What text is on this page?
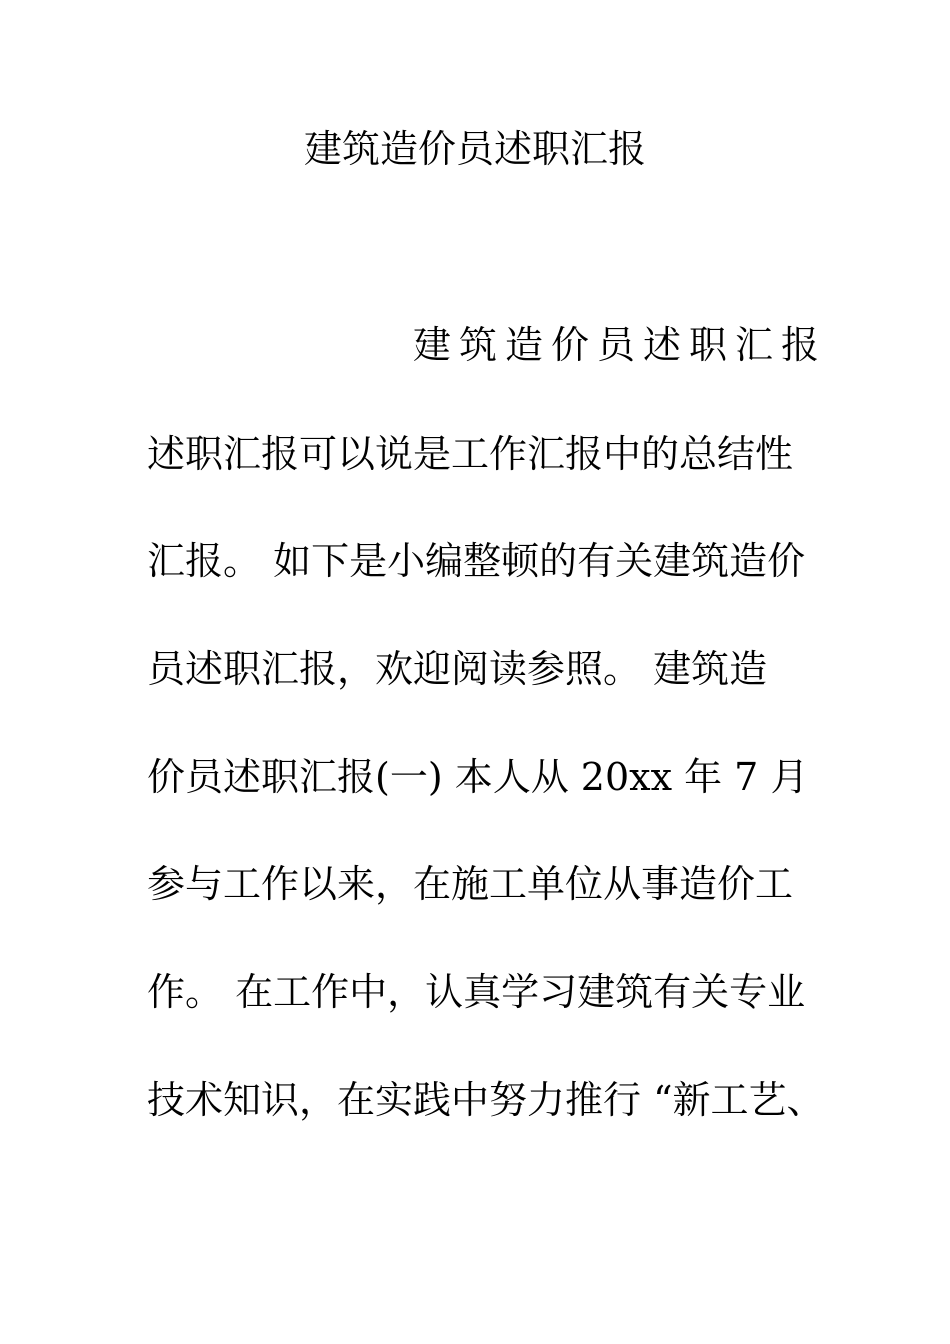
建筑造价员述职汇报
建筑造价员述职汇报
述职汇报可以说是工作汇报中的总结性
汇报。 如下是小编整顿的有关建筑造价
员述职汇报，欢迎阅读参照。 建筑造
价员述职汇报(一) 本人从 20xx 年 7 月
参与工作以来，在施工单位从事造价工
作。 在工作中，认真学习建筑有关专业
技术知识，在实践中努力推行 “新工艺、
